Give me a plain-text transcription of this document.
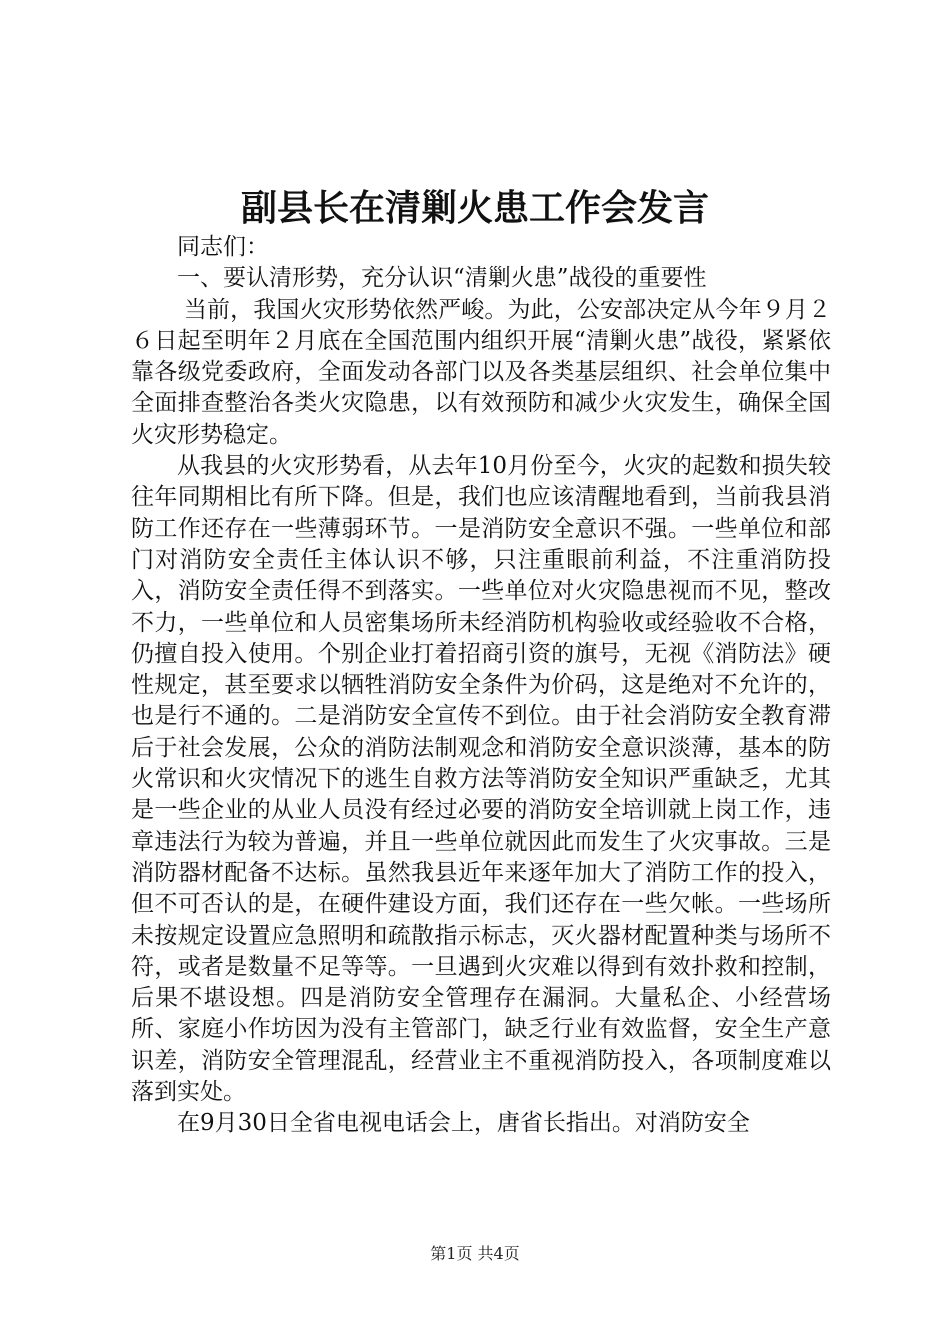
副县长在清剿火患工作会发言

同志们：

一、要认清形势，充分认识“清剿火患”战役的重要性

当前，我国火灾形势依然严峻。为此，公安部决定从今年９月２６日起至明年２月底在全国范围内组织开展“清剿火患”战役，紧紧依靠各级党委政府，全面发动各部门以及各类基层组织、社会单位集中全面排查整治各类火灾隐患，以有效预防和减少火灾发生，确保全国火灾形势稳定。

从我县的火灾形势看，从去年10月份至今，火灾的起数和损失较往年同期相比有所下降。但是，我们也应该清醒地看到，当前我县消防工作还存在一些薄弱环节。一是消防安全意识不强。一些单位和部门对消防安全责任主体认识不够，只注重眼前利益，不注重消防投入，消防安全责任得不到落实。一些单位对火灾隐患视而不见，整改不力，一些单位和人员密集场所未经消防机构验收或经验收不合格，仍擅自投入使用。个别企业打着招商引资的旗号，无视《消防法》硬性规定，甚至要求以牺牲消防安全条件为价码，这是绝对不允许的，也是行不通的。二是消防安全宣传不到位。由于社会消防安全教育滞后于社会发展，公众的消防法制观念和消防安全意识淡薄，基本的防火常识和火灾情况下的逃生自救方法等消防安全知识严重缺乏，尤其是一些企业的从业人员没有经过必要的消防安全培训就上岗工作，违章违法行为较为普遍，并且一些单位就因此而发生了火灾事故。三是消防器材配备不达标。虽然我县近年来逐年加大了消防工作的投入，但不可否认的是，在硬件建设方面，我们还存在一些欠帐。一些场所未按规定设置应急照明和疏散指示标志，灭火器材配置种类与场所不符，或者是数量不足等等。一旦遇到火灾难以得到有效扑救和控制，后果不堪设想。四是消防安全管理存在漏洞。大量私企、小经营场所、家庭小作坊因为没有主管部门，缺乏行业有效监督，安全生产意识差，消防安全管理混乱，经营业主不重视消防投入，各项制度难以落到实处。

在9月30日全省电视电话会上，唐省长指出。对消防安全

第1页 共4页
